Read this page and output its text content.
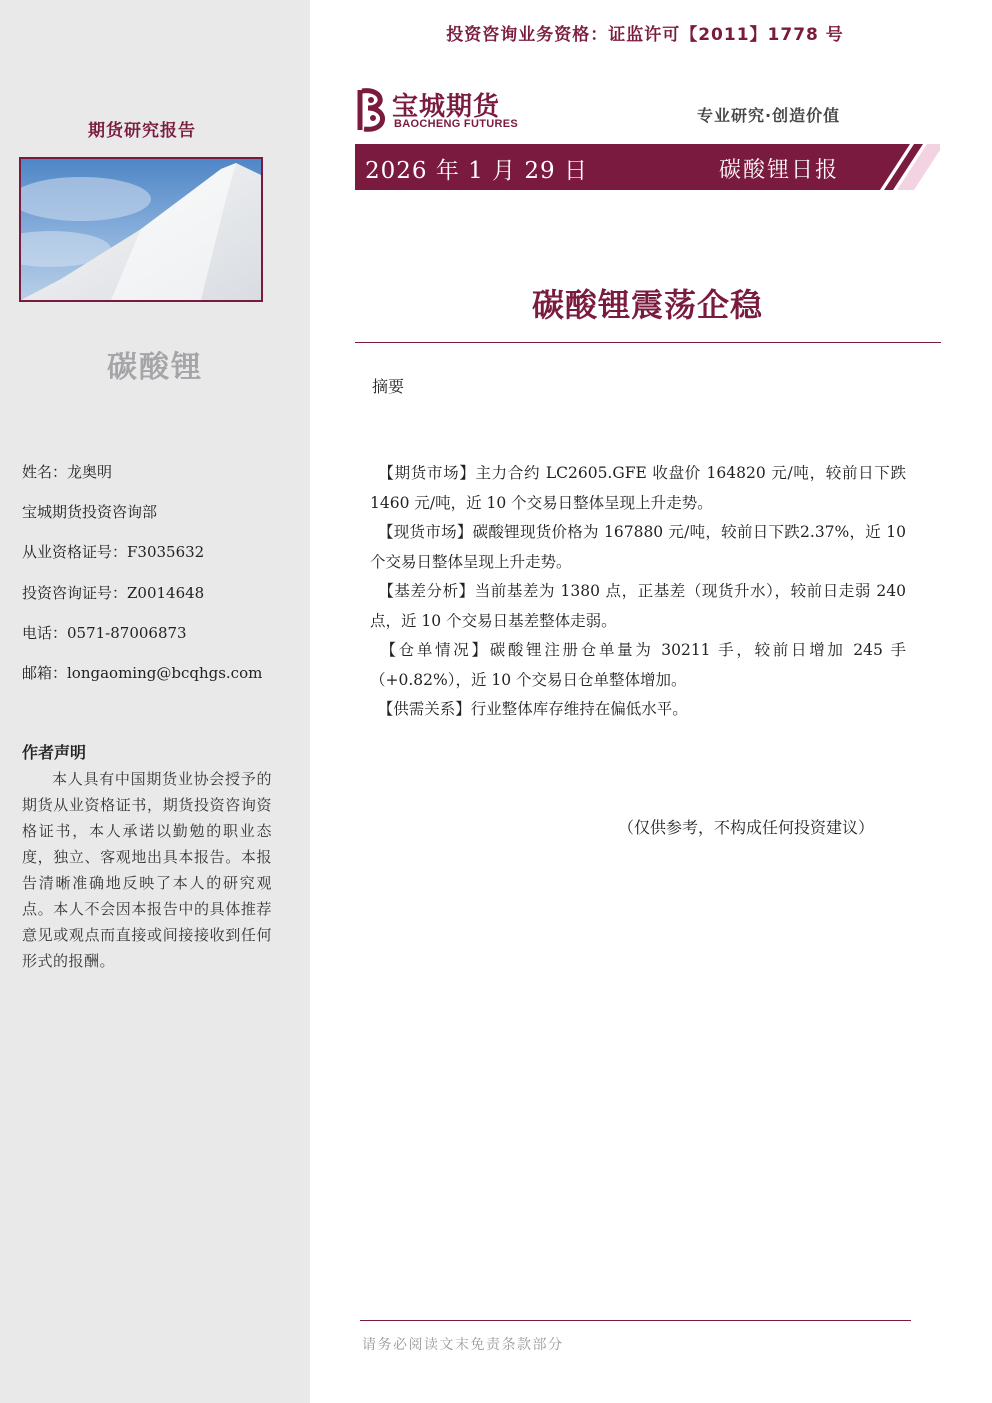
期货研究报告
碳酸锂
姓名：龙奥明
宝城期货投资咨询部
从业资格证号：F3035632
投资咨询证号：Z0014648
电话：0571-87006873
邮箱：longaoming@bcqhgs.com
作者声明
本人具有中国期货业协会授予的期货从业资格证书，期货投资咨询资格证书，本人承诺以勤勉的职业态度，独立、客观地出具本报告。本报告清晰准确地反映了本人的研究观点。本人不会因本报告中的具体推荐意见或观点而直接或间接接收到任何形式的报酬。
投资咨询业务资格：证监许可【2011】1778 号
宝城期货
BAOCHENG FUTURES	专业研究·创造价值
2026 年 1 月 29 日	碳酸锂日报
碳酸锂震荡企稳
摘要

　【期货市场】主力合约 LC2605.GFE 收盘价 164820 元/吨，较前日下跌 1460 元/吨，近 10 个交易日整体呈现上升走势。

　【现货市场】碳酸锂现货价格为 167880 元/吨，较前日下跌2.37%，近 10 个交易日整体呈现上升走势。

　【基差分析】当前基差为 1380 点，正基差（现货升水），较前日走弱 240 点，近 10 个交易日基差整体走弱。

　【仓单情况】碳酸锂注册仓单量为 30211 手，较前日增加 245 手（+0.82%），近 10 个交易日仓单整体增加。

　【供需关系】行业整体库存维持在偏低水平。

（仅供参考，不构成任何投资建议）
请务必阅读文末免责条款部分
